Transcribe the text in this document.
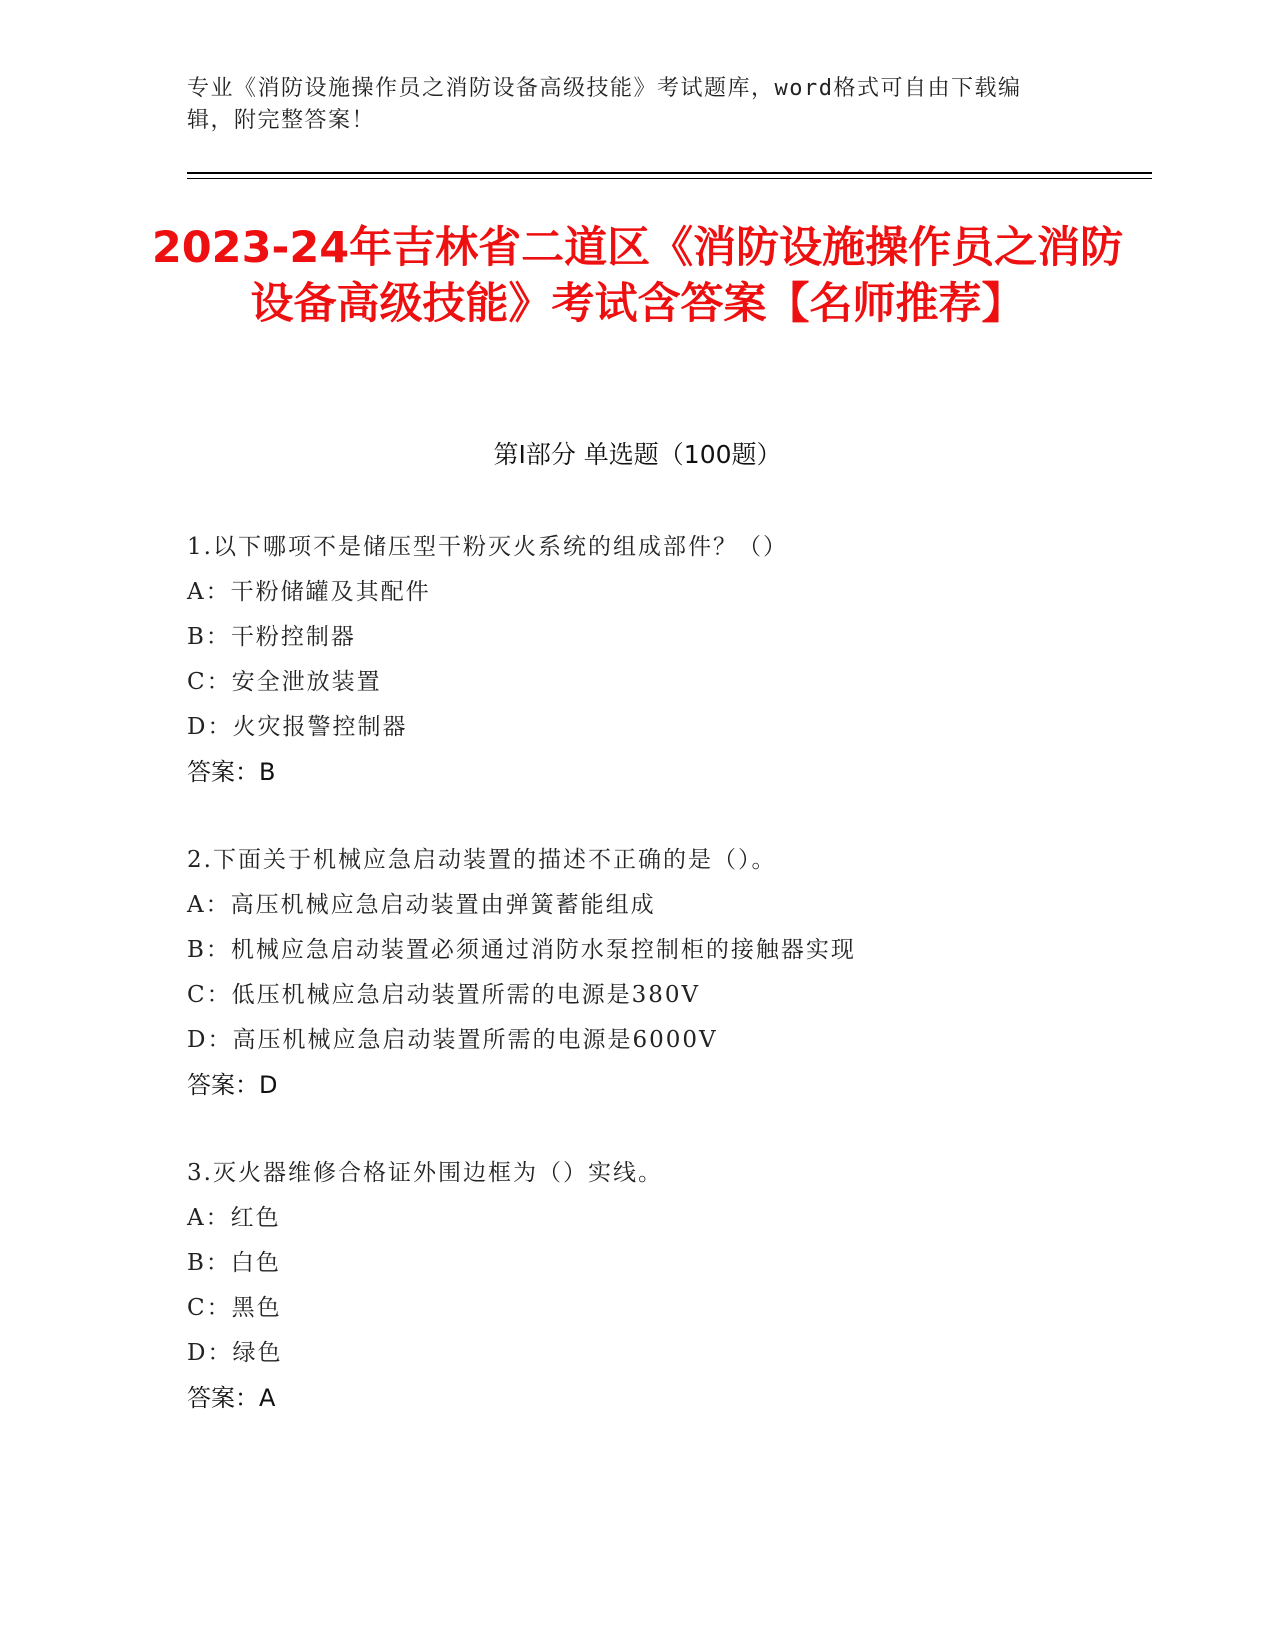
专业《消防设施操作员之消防设备高级技能》考试题库，word格式可自由下载编辑，附完整答案！
2023-24年吉林省二道区《消防设施操作员之消防设备高级技能》考试含答案【名师推荐】
第Ⅰ部分 单选题（100题）
1.以下哪项不是储压型干粉灭火系统的组成部件？（）
A：干粉储罐及其配件
B：干粉控制器
C：安全泄放装置
D：火灾报警控制器
答案：B
2.下面关于机械应急启动装置的描述不正确的是（）。
A：高压机械应急启动装置由弹簧蓄能组成
B：机械应急启动装置必须通过消防水泵控制柜的接触器实现
C：低压机械应急启动装置所需的电源是380V
D：高压机械应急启动装置所需的电源是6000V
答案：D
3.灭火器维修合格证外围边框为（）实线。
A：红色
B：白色
C：黑色
D：绿色
答案：A
